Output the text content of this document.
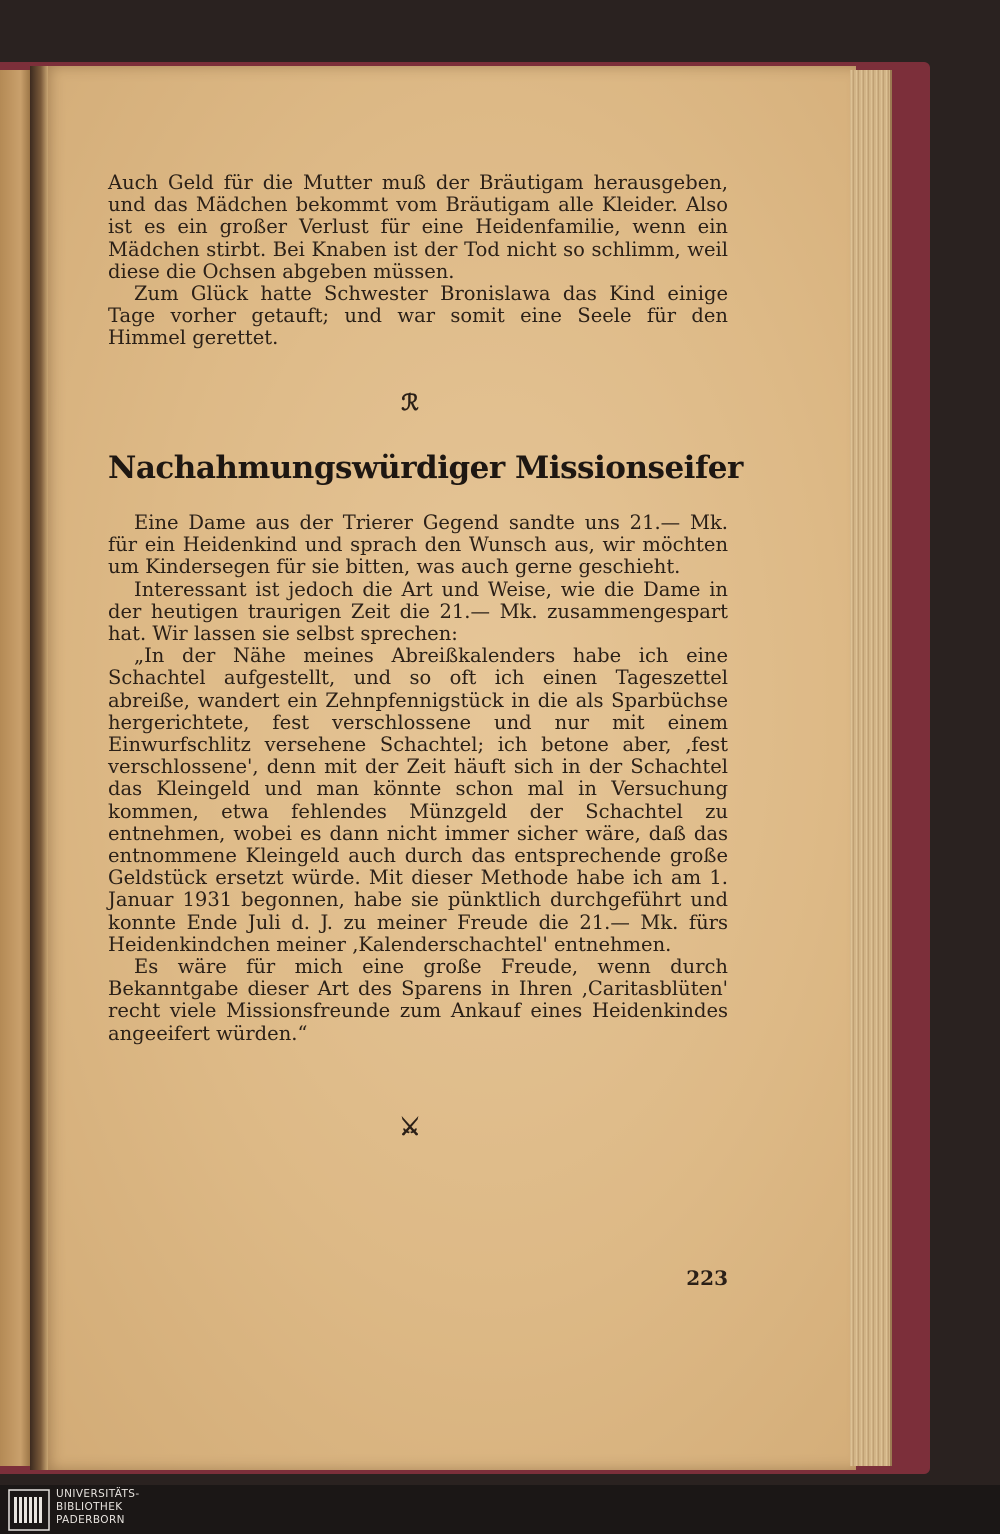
Auch Geld für die Mutter muß der Bräutigam herausgeben, und das Mädchen bekommt vom Bräutigam alle Kleider. Also ist es ein großer Verlust für eine Heidenfamilie, wenn ein Mädchen stirbt. Bei Knaben ist der Tod nicht so schlimm, weil diese die Ochsen abgeben müssen.

Zum Glück hatte Schwester Bronislawa das Kind einige Tage vorher getauft; und war somit eine Seele für den Himmel gerettet.

ℛ
Nachahmungswürdiger Missionseifer

Eine Dame aus der Trierer Gegend sandte uns 21.— Mk. für ein Heidenkind und sprach den Wunsch aus, wir möchten um Kindersegen für sie bitten, was auch gerne geschieht.

Interessant ist jedoch die Art und Weise, wie die Dame in der heutigen traurigen Zeit die 21.— Mk. zusammengespart hat. Wir lassen sie selbst sprechen:

„In der Nähe meines Abreißkalenders habe ich eine Schachtel aufgestellt, und so oft ich einen Tageszettel abreiße, wandert ein Zehnpfennigstück in die als Sparbüchse hergerichtete, fest verschlossene und nur mit einem Einwurfschlitz versehene Schachtel; ich betone aber, ‚fest verschlossene', denn mit der Zeit häuft sich in der Schachtel das Kleingeld und man könnte schon mal in Versuchung kommen, etwa fehlendes Münzgeld der Schachtel zu entnehmen, wobei es dann nicht immer sicher wäre, daß das entnommene Kleingeld auch durch das entsprechende große Geldstück ersetzt würde. Mit dieser Methode habe ich am 1. Januar 1931 begonnen, habe sie pünktlich durchgeführt und konnte Ende Juli d. J. zu meiner Freude die 21.— Mk. fürs Heidenkindchen meiner ‚Kalenderschachtel' entnehmen.

Es wäre für mich eine große Freude, wenn durch Bekanntgabe dieser Art des Sparens in Ihren ‚Caritasblüten' recht viele Missionsfreunde zum Ankauf eines Heidenkindes angeeifert würden.“

⚔
223
UNIVERSITÄTS-
BIBLIOTHEK
PADERBORN
